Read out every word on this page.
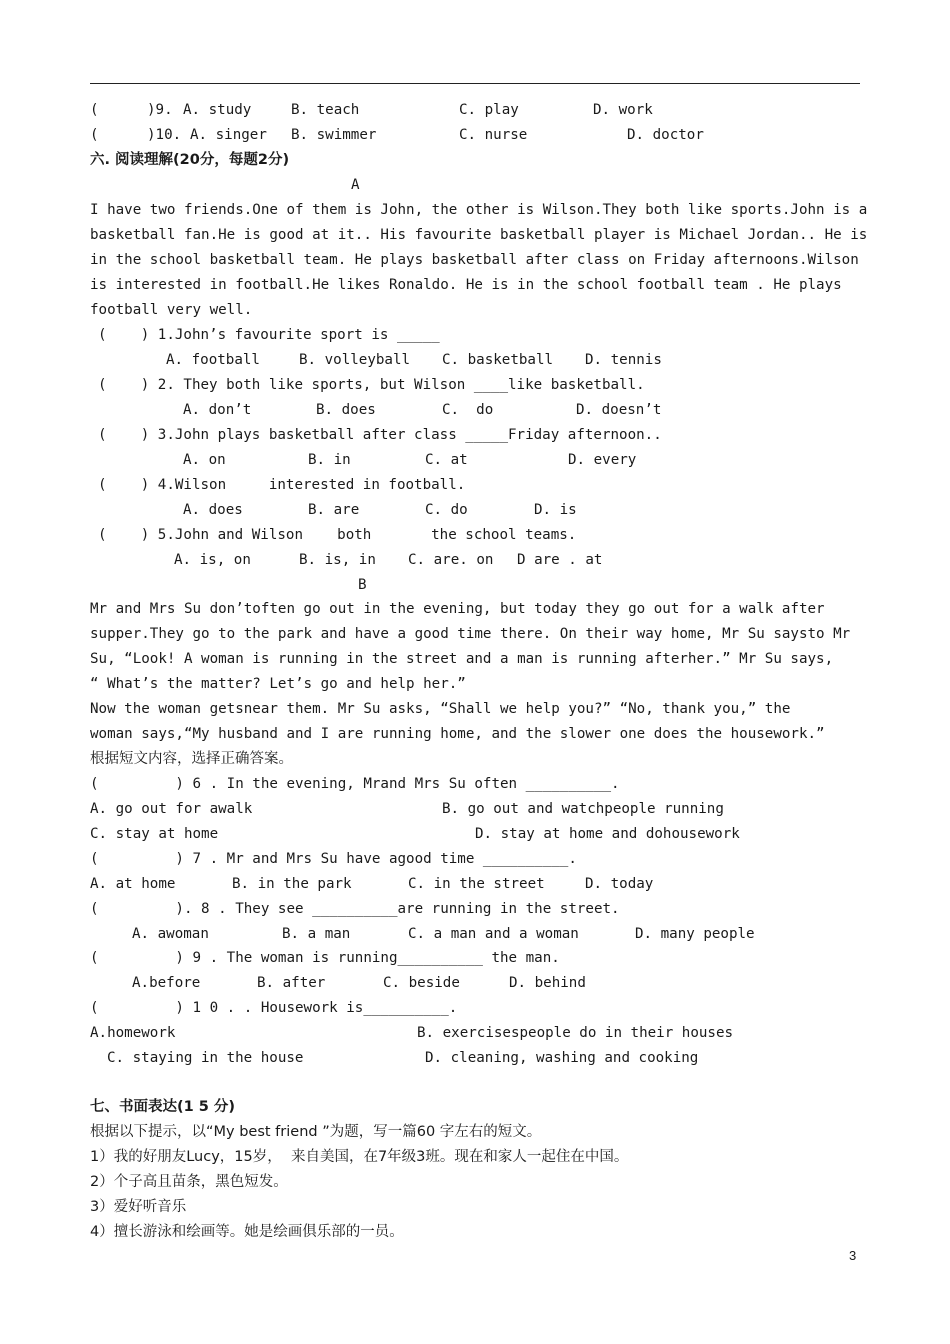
(	)9. A. study	B. teach	C. play	D. work
(	)10. A. singer B. swimmer	C. nurse	D. doctor
六. 阅读理解(20分，每题2分)
A
I have two friends.One of them is John, the other is Wilson.They both like sports.John is a
basketball fan.He is good at it.. His favourite basketball player is Michael Jordan.. He is
in the school basketball team. He plays basketball after class on Friday afternoons.Wilson
is interested in football.He likes Ronaldo. He is in the school football team . He plays
football very well.
(    ) 1.John’s favourite sport is _____
A. football	B. volleyball C. basketball D. tennis
(    ) 2. They both like sports, but Wilson ____like basketball.
A. don’t	B. does	C.  do	D. doesn’t
(    ) 3.John plays basketball after class _____Friday afternoon..
A. on	B. in	C. at	D. every
(    ) 4.Wilson     interested in football.
A. does	B. are	C. do	D. is
(    ) 5.John and Wilson    both       the school teams.
A. is, on	B. is, in C. are. on D are . at
B
Mr and Mrs Su don’toften go out in the evening, but today they go out for a walk after
supper.They go to the park and have a good time there. On their way home, Mr Su saysto Mr
Su, “Look! A woman is running in the street and a man is running afterher.” Mr Su says,
“ What’s the matter? Let’s go and help her.”
Now the woman getsnear them. Mr Su asks, “Shall we help you?” “No, thank you,” the
woman says,“My husband and I are running home, and the slower one does the housework.”
根据短文内容，选择正确答案。
(         ) 6 . In the evening, Mrand Mrs Su often __________.
A. go out for awalk	B. go out and watchpeople running
C. stay at home	D. stay at home and dohousework
(         ) 7 . Mr and Mrs Su have agood time __________.
A. at home	B. in the park	C. in the street	D. today
(         ). 8 . They see __________are running in the street.
A. awoman	B. a man	C. a man and a woman	D. many people
(         ) 9 . The woman is running__________ the man.
A.before	B. after	C. beside	D. behind
(         ) 1 0 . . Housework is__________.
A.homework	B. exercisespeople do in their houses
C. staying in the house	D. cleaning, washing and cooking
七、书面表达(1 5 分)
根据以下提示，以“My best friend ”为题，写一篇60 字左右的短文。
1）我的好朋友Lucy，15岁，  来自美国，在7年级3班。现在和家人一起住在中国。
2）个子高且苗条，黑色短发。
3）爱好听音乐
4）擅长游泳和绘画等。她是绘画俱乐部的一员。
3
